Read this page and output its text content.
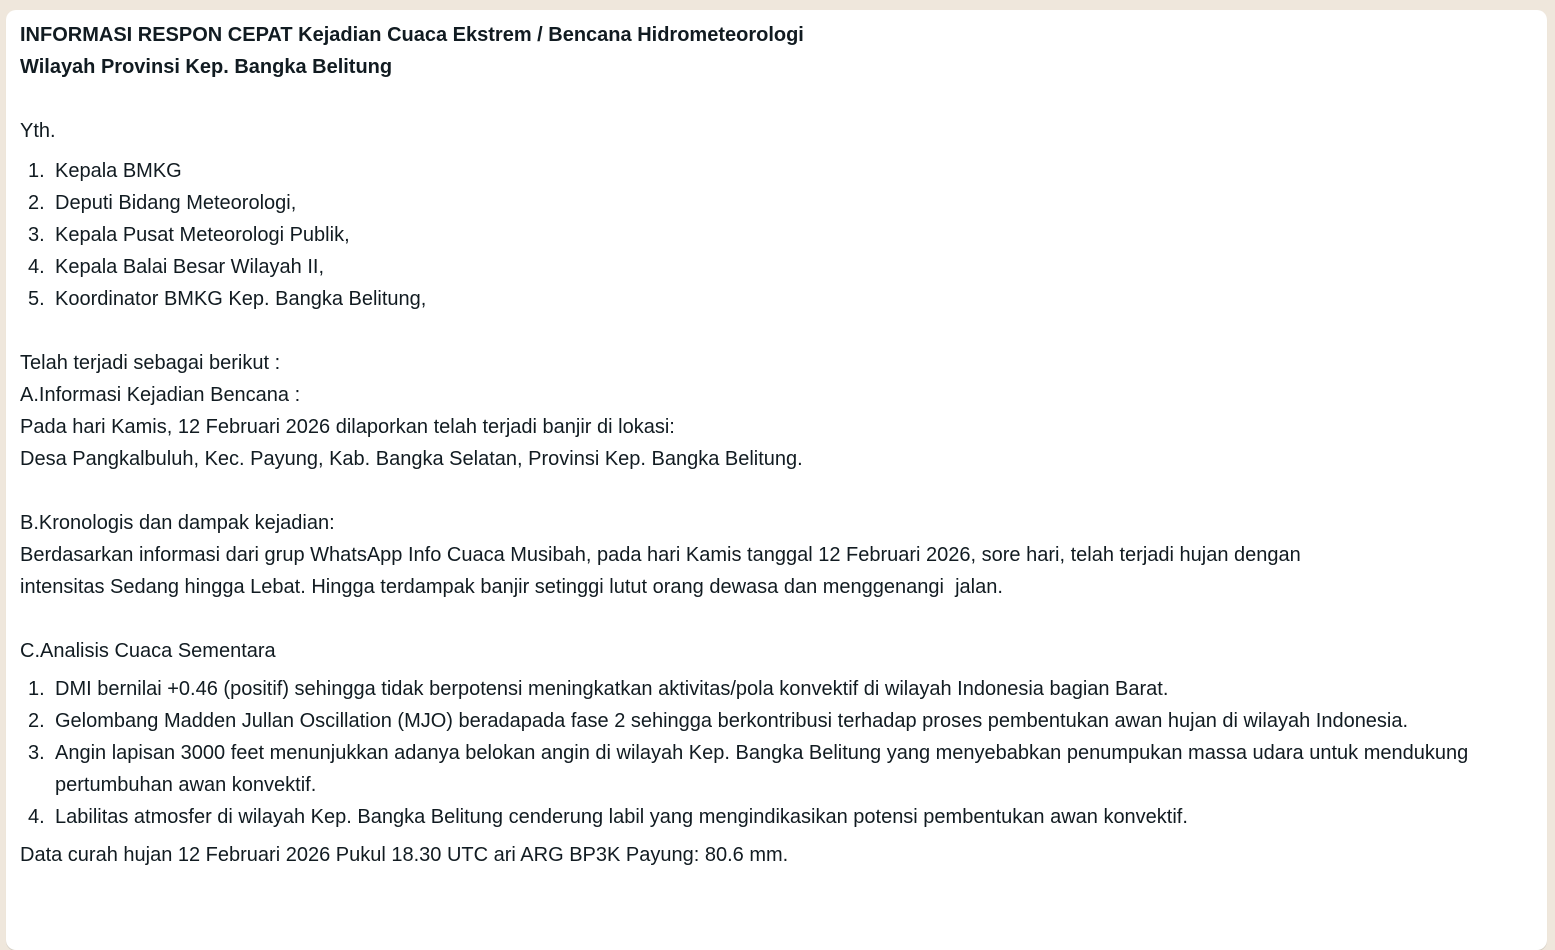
INFORMASI RESPON CEPAT Kejadian Cuaca Ekstrem / Bencana Hidrometeorologi
Wilayah Provinsi Kep. Bangka Belitung
Yth.
1. Kepala BMKG
2. Deputi Bidang Meteorologi,
3. Kepala Pusat Meteorologi Publik,
4. Kepala Balai Besar Wilayah II,
5. Koordinator BMKG Kep. Bangka Belitung,
Telah terjadi sebagai berikut :
A.Informasi Kejadian Bencana :
Pada hari Kamis, 12 Februari 2026 dilaporkan telah terjadi banjir di lokasi:
Desa Pangkalbuluh, Kec. Payung, Kab. Bangka Selatan, Provinsi Kep. Bangka Belitung.
B.Kronologis dan dampak kejadian:
Berdasarkan informasi dari grup WhatsApp Info Cuaca Musibah, pada hari Kamis tanggal 12 Februari 2026, sore hari, telah terjadi hujan dengan
intensitas Sedang hingga Lebat. Hingga terdampak banjir setinggi lutut orang dewasa dan menggenangi  jalan.
C.Analisis Cuaca Sementara
1. DMI bernilai +0.46 (positif) sehingga tidak berpotensi meningkatkan aktivitas/pola konvektif di wilayah Indonesia bagian Barat.
2. Gelombang Madden Jullan Oscillation (MJO) beradapada fase 2 sehingga berkontribusi terhadap proses pembentukan awan hujan di wilayah Indonesia.
3. Angin lapisan 3000 feet menunjukkan adanya belokan angin di wilayah Kep. Bangka Belitung yang menyebabkan penumpukan massa udara untuk mendukung pertumbuhan awan konvektif.
4. Labilitas atmosfer di wilayah Kep. Bangka Belitung cenderung labil yang mengindikasikan potensi pembentukan awan konvektif.
Data curah hujan 12 Februari 2026 Pukul 18.30 UTC ari ARG BP3K Payung: 80.6 mm.
